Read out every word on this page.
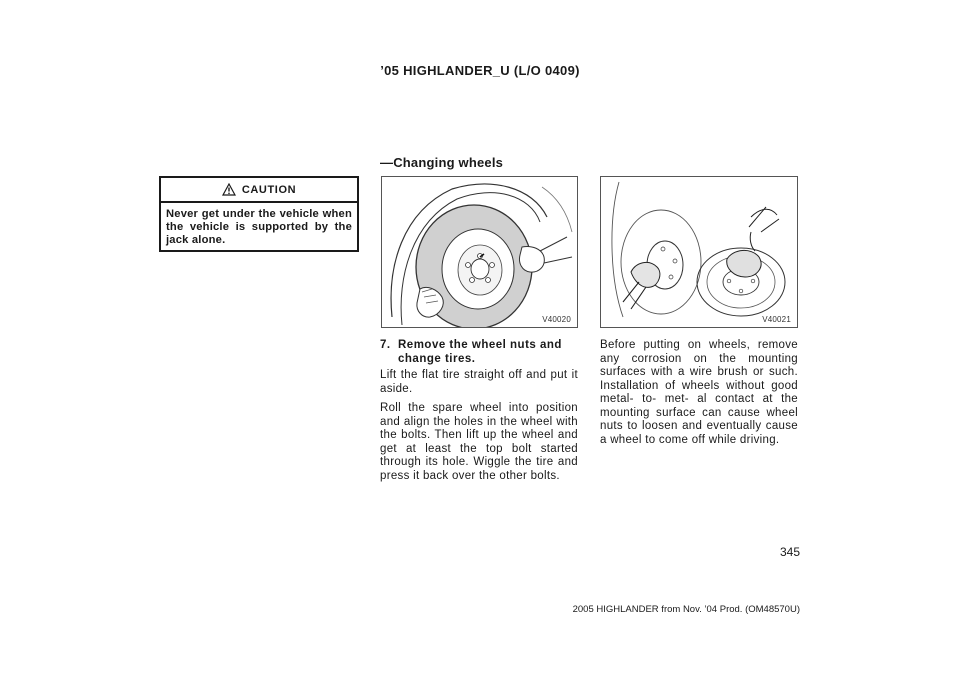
’05 HIGHLANDER_U (L/O 0409)
—Changing wheels
CAUTION
Never get under the vehicle when the vehicle is supported by the jack alone.
V40020	V40021
7. Remove the wheel nuts and
change tires.
Lift the flat tire straight off and put it aside.
Roll the spare wheel into position and align the holes in the wheel with the bolts. Then lift up the wheel and get at least the top bolt started through its hole. Wiggle the tire and press it back over the other bolts.
Before putting on wheels, remove any corrosion on the mounting surfaces with a wire brush or such. Installation of wheels without good metal- to- met- al contact at the mounting surface can cause wheel nuts to loosen and eventually cause a wheel to come off while driving.
345
2005 HIGHLANDER from Nov. ’04 Prod. (OM48570U)
